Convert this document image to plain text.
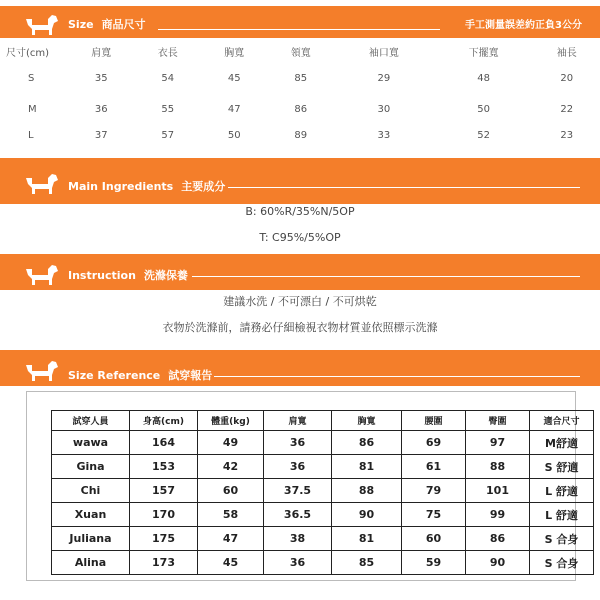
Size 商品尺寸	手工測量誤差約正負3公分
尺寸(cm)	肩寬	衣長	胸寬	領寬	袖口寬	下擺寬	袖長
S	35	54	45	85	29	48	20
M	36	55	47	86	30	50	22
L	37	57	50	89	33	52	23
Main Ingredients 主要成分
B: 60%R/35%N/5OP
T: C95%/5%OP
Instruction 洗滌保養
建議水洗 / 不可漂白 / 不可烘乾
衣物於洗滌前，請務必仔細檢視衣物材質並依照標示洗滌
Size Reference 試穿報告
試穿人員	身高(cm)	體重(kg)	肩寬	胸寬	腰圍	臀圍	適合尺寸
wawa	164	49	36	86	69	97	M舒適
Gina	153	42	36	81	61	88	S 舒適
Chi	157	60	37.5	88	79	101	L 舒適
Xuan	170	58	36.5	90	75	99	L 舒適
Juliana	175	47	38	81	60	86	S 合身
Alina	173	45	36	85	59	90	S 合身
